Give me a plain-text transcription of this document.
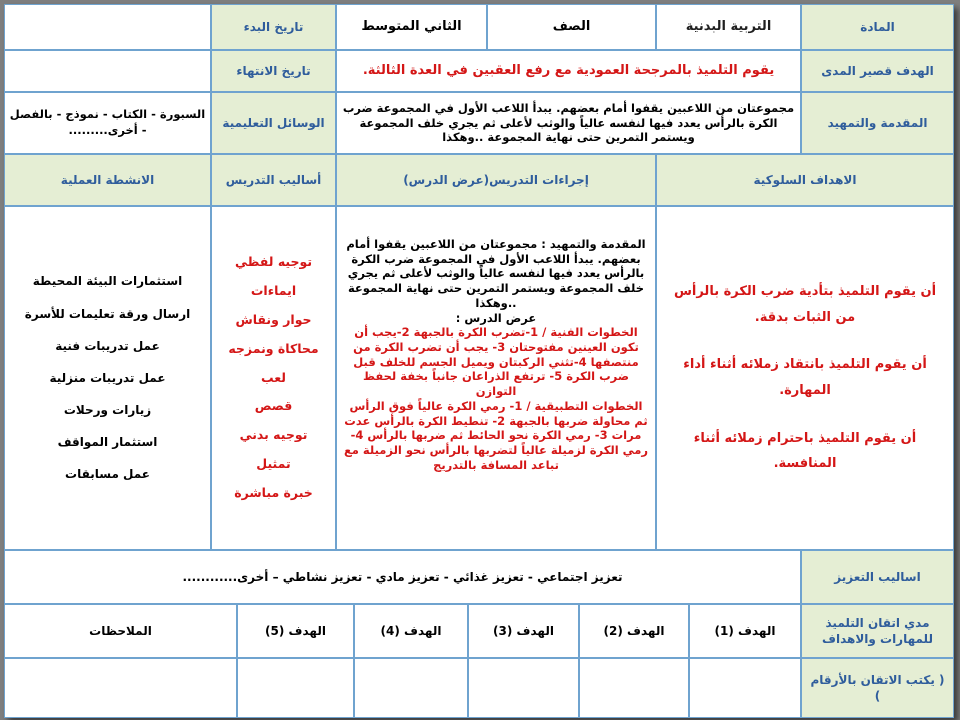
المادة
التربية البدنية
الصف
الثاني المتوسط
تاريخ البدء
الهدف قصير المدى
يقوم التلميذ بالمرجحة العمودية مع رفع العقبين في العدة الثالثة.
تاريخ الانتهاء
المقدمة والتمهيد
مجموعتان من اللاعبين يقفوا أمام بعضهم. يبدأ اللاعب الأول في المجموعة ضرب الكرة بالرأس يعدد فيها لنفسه عالياً والوثب لأعلى ثم يجري خلف المجموعة ويستمر التمرين حتى نهاية المجموعة ..وهكذا
الوسائل التعليمية
السبورة - الكتاب - نموذج - بالفصل - أخرى.........
الاهداف السلوكية
إجراءات التدريس(عرض الدرس)
أساليب التدريس
الانشطة العملية
أن يقوم التلميذ بتأدية ضرب الكرة بالرأس
من الثبات بدقة.
أن يقوم التلميذ بانتقاد زملائه أثناء أداء
المهارة.
أن يقوم التلميذ باحترام زملائه أثناء
المنافسة.
المقدمة والتمهيد : مجموعتان من اللاعبين يقفوا أمام بعضهم. يبدأ اللاعب الأول في المجموعة ضرب الكرة بالرأس يعدد فيها لنفسه عالياً والوثب لأعلى ثم يجري خلف المجموعة ويستمر التمرين حتى نهاية المجموعة ..وهكذا
عرض الدرس :
الخطوات الفنية / 1-تضرب الكرة بالجبهة 2-يجب أن تكون العينين مفتوحتان 3- يجب أن تضرب الكرة من منتصفها 4-تثني الركبتان ويميل الجسم للخلف قبل ضرب الكرة 5- ترتفع الذراعان جانباً بخفة لحفظ التوازن
الخطوات التطبيقية / 1- رمي الكرة عالياً فوق الرأس ثم محاولة ضربها بالجبهة 2- تنطيط الكرة بالرأس عدت مرات 3- رمي الكرة نحو الحائط ثم ضربها بالرأس 4-رمي الكرة لزميلة عالياً لتضربها بالرأس نحو الزميلة مع تباعد المسافة بالتدريج
توجيه لفظي
ايماءات
حوار ونقاش
محاكاة ونمزجه
لعب
قصص
توجيه بدني
تمثيل
خبرة مباشرة
استثمارات البيئة المحيطة
ارسال ورقة تعليمات للأسرة
عمل تدريبات فنية
عمل تدريبات منزلية
زيارات ورحلات
استثمار المواقف
عمل مسابقات
اساليب التعزيز
تعزيز اجتماعي - تعزيز غذائي - تعزيز مادي - تعزيز نشاطي – أخرى............
مدي اتقان التلميذ للمهارات والاهداف
الهدف (1)
الهدف (2)
الهدف (3)
الهدف (4)
الهدف (5)
الملاحظات
( يكتب الاتقان بالأرقام )
